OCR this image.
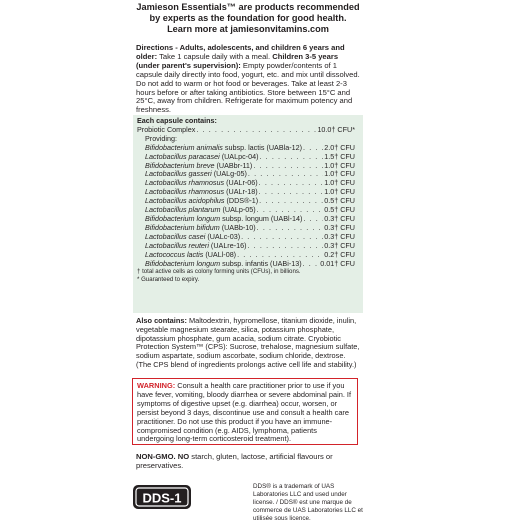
Jamieson Essentials™ are products recommended
by experts as the foundation for good health.
Learn more at jamiesonvitamins.com
Directions - Adults, adolescents, and children 6 years and older: Take 1 capsule daily with a meal. Children 3-5 years (under parent's supervision): Empty powder/contents of 1 capsule daily directly into food, yogurt, etc. and mix until dissolved. Do not add to warm or hot food or beverages. Take at least 2-3 hours before or after taking antibiotics. Store between 15°C and 25°C, away from children. Refrigerate for maximum potency and freshness.
Each capsule contains:
Probiotic Complex . . .	10.0† CFU*
Providing:
Bifidobacterium animalis subsp. lactis (UABla-12) . . .	2.0† CFU
Lactobacillus paracasei (UALpc-04) . . .	1.5† CFU
Bifidobacterium breve (UABbr-11) . . .	1.0† CFU
Lactobacillus gasseri (UALg-05) . . .	1.0† CFU
Lactobacillus rhamnosus (UALr-06) . . .	1.0† CFU
Lactobacillus rhamnosus (UALr-18) . . .	1.0† CFU
Lactobacillus acidophilus (DDS®-1) . . .	0.5† CFU
Lactobacillus plantarum (UALp-05) . . .	0.5† CFU
Bifidobacterium longum subsp. longum (UABl-14) . . .	0.3† CFU
Bifidobacterium bifidum (UABb-10) . . .	0.3† CFU
Lactobacillus casei (UALc-03) . . .	0.3† CFU
Lactobacillus reuteri (UALre-16) . . .	0.3† CFU
Lactococcus lactis (UALl-08) . . .	0.2† CFU
Bifidobacterium longum subsp. infantis (UABi-13) . . .	0.01† CFU
† total active cells as colony forming units (CFUs), in billions.
* Guaranteed to expiry.
Also contains: Maltodextrin, hypromellose, titanium dioxide, inulin, vegetable magnesium stearate, silica, potassium phosphate, dipotassium phosphate, gum acacia, sodium citrate. Cryobiotic Protection System™ (CPS): Sucrose, trehalose, magnesium sulfate, sodium aspartate, sodium ascorbate, sodium chloride, dextrose. (The CPS blend of ingredients prolongs active cell life and stability.)
WARNING: Consult a health care practitioner prior to use if you have fever, vomiting, bloody diarrhea or severe abdominal pain. If symptoms of digestive upset (e.g. diarrhea) occur, worsen, or persist beyond 3 days, discontinue use and consult a health care practitioner. Do not use this product if you have an immune-compromised condition (e.g. AIDS, lymphoma, patients undergoing long-term corticosteroid treatment).
NON-GMO. NO starch, gluten, lactose, artificial flavours or preservatives.
DDS-1
DDS® is a trademark of UAS Laboratories LLC and used under license. / DDS® est une marque de commerce de UAS Laboratories LLC et utilisée sous licence.
